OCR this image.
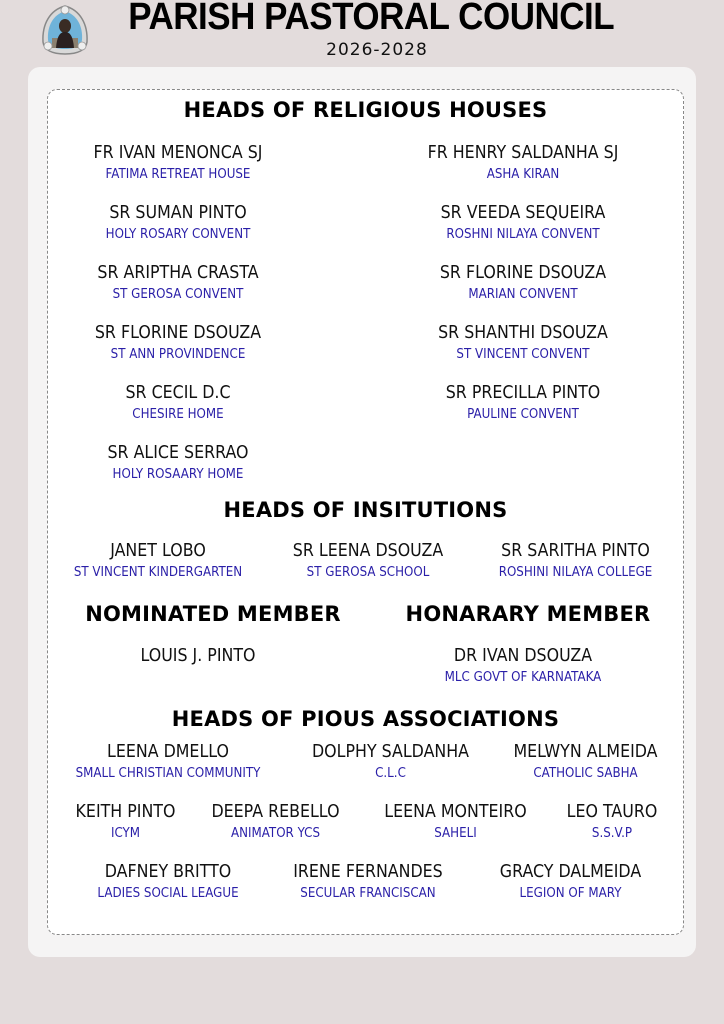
PARISH PASTORAL COUNCIL
2026-2028
HEADS OF RELIGIOUS HOUSES
FR IVAN MENONCA SJ
FATIMA RETREAT HOUSE
FR HENRY SALDANHA SJ
ASHA KIRAN
SR SUMAN PINTO
HOLY ROSARY CONVENT
SR VEEDA SEQUEIRA
ROSHNI NILAYA CONVENT
SR ARIPTHA CRASTA
ST GEROSA CONVENT
SR FLORINE DSOUZA
MARIAN CONVENT
SR FLORINE DSOUZA
ST ANN PROVINDENCE
SR SHANTHI DSOUZA
ST VINCENT CONVENT
SR CECIL D.C
CHESIRE HOME
SR PRECILLA PINTO
PAULINE CONVENT
SR ALICE SERRAO
HOLY ROSAARY HOME
HEADS OF INSITUTIONS
JANET LOBO
ST VINCENT KINDERGARTEN
SR LEENA DSOUZA
ST GEROSA SCHOOL
SR SARITHA PINTO
ROSHINI NILAYA COLLEGE
NOMINATED MEMBER	HONARARY MEMBER
LOUIS J. PINTO	DR IVAN DSOUZA
MLC GOVT OF KARNATAKA
HEADS OF PIOUS ASSOCIATIONS
LEENA DMELLO
SMALL CHRISTIAN COMMUNITY
DOLPHY SALDANHA
C.L.C
MELWYN ALMEIDA
CATHOLIC SABHA
KEITH PINTO
ICYM
DEEPA REBELLO
ANIMATOR YCS
LEENA MONTEIRO
SAHELI
LEO TAURO
S.S.V.P
DAFNEY BRITTO
LADIES SOCIAL LEAGUE
IRENE FERNANDES
SECULAR FRANCISCAN
GRACY DALMEIDA
LEGION OF MARY
